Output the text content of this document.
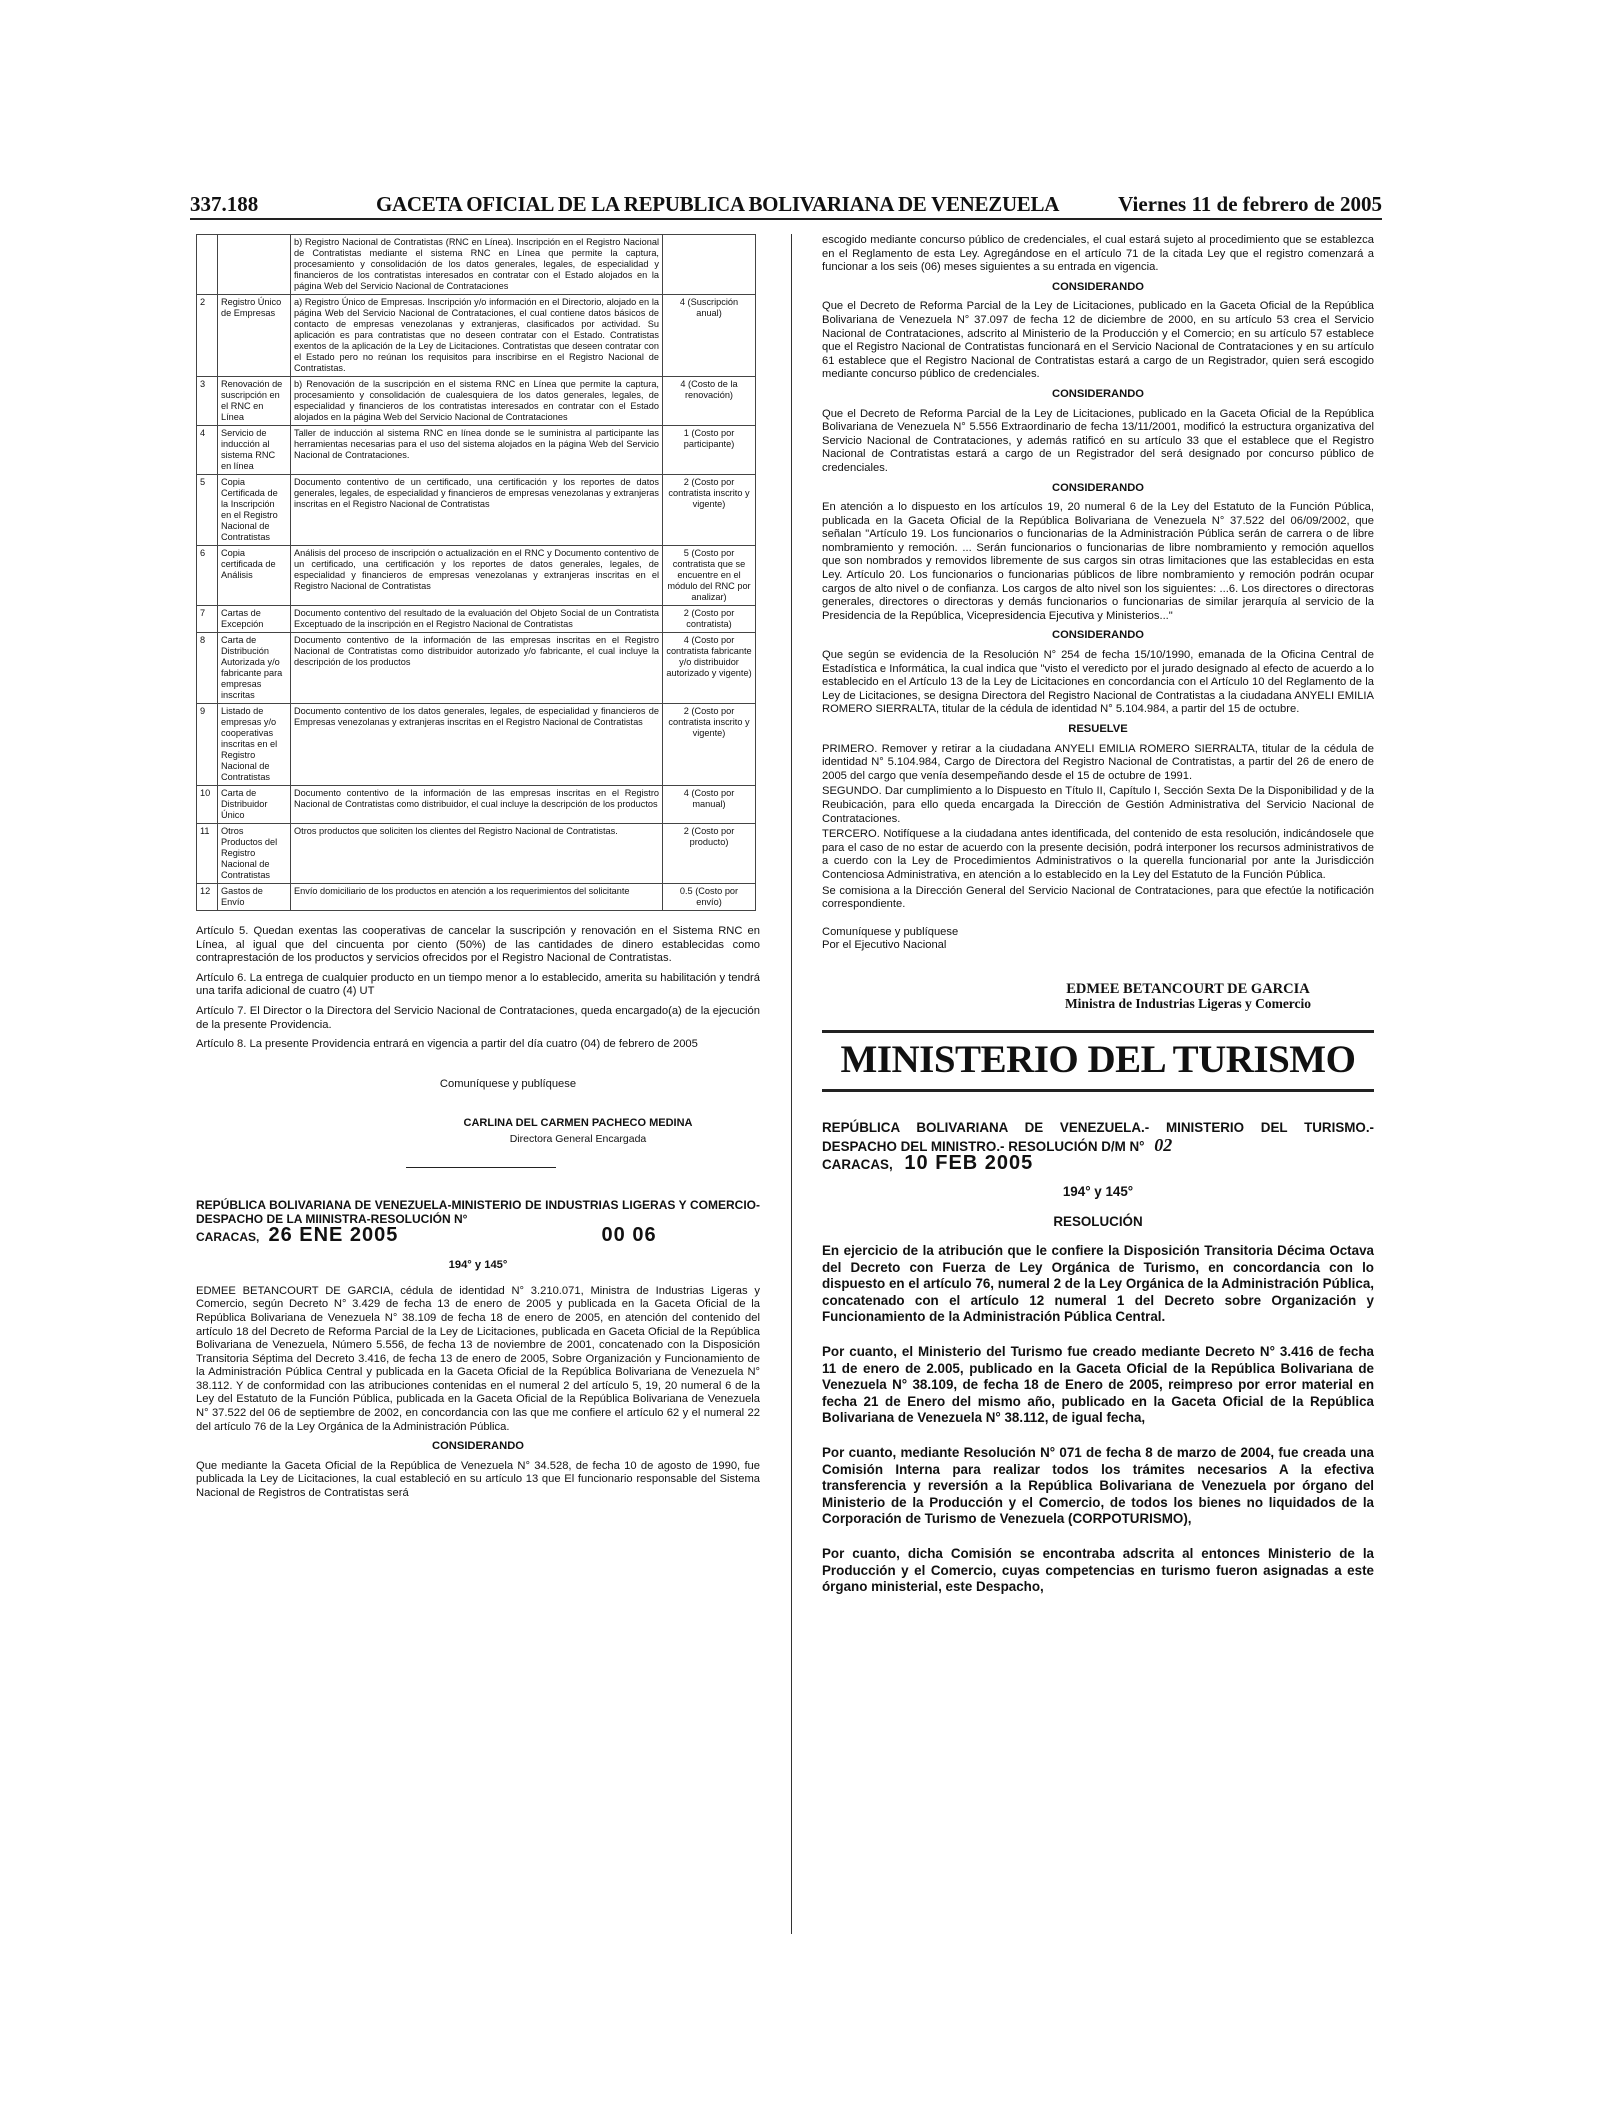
337.188	GACETA OFICIAL DE LA REPUBLICA BOLIVARIANA DE VENEZUELA	Viernes 11 de febrero de 2005
		b) Registro Nacional de Contratistas (RNC en Línea). Inscripción en el Registro Nacional de Contratistas mediante el sistema RNC en Línea que permite la captura, procesamiento y consolidación de los datos generales, legales, de especialidad y financieros de los contratistas interesados en contratar con el Estado alojados en la página Web del Servicio Nacional de Contrataciones	
2	Registro Único de Empresas	a) Registro Único de Empresas. Inscripción y/o información en el Directorio, alojado en la página Web del Servicio Nacional de Contrataciones, el cual contiene datos básicos de contacto de empresas venezolanas y extranjeras, clasificados por actividad. Su aplicación es para contratistas que no deseen contratar con el Estado. Contratistas exentos de la aplicación de la Ley de Licitaciones. Contratistas que deseen contratar con el Estado pero no reúnan los requisitos para inscribirse en el Registro Nacional de Contratistas.	4 (Suscripción anual)
3	Renovación de suscripción en el RNC en Línea	b) Renovación de la suscripción en el sistema RNC en Línea que permite la captura, procesamiento y consolidación de cualesquiera de los datos generales, legales, de especialidad y financieros de los contratistas interesados en contratar con el Estado alojados en la página Web del Servicio Nacional de Contrataciones	4 (Costo de la renovación)
4	Servicio de inducción al sistema RNC en línea	Taller de inducción al sistema RNC en línea donde se le suministra al participante las herramientas necesarias para el uso del sistema alojados en la página Web del Servicio Nacional de Contrataciones.	1 (Costo por participante)
5	Copia Certificada de la Inscripción en el Registro Nacional de Contratistas	Documento contentivo de un certificado, una certificación y los reportes de datos generales, legales, de especialidad y financieros de empresas venezolanas y extranjeras inscritas en el Registro Nacional de Contratistas	2 (Costo por contratista inscrito y vigente)
6	Copia certificada de Análisis	Análisis del proceso de inscripción o actualización en el RNC y Documento contentivo de un certificado, una certificación y los reportes de datos generales, legales, de especialidad y financieros de empresas venezolanas y extranjeras inscritas en el Registro Nacional de Contratistas	5 (Costo por contratista que se encuentre en el módulo del RNC por analizar)
7	Cartas de Excepción	Documento contentivo del resultado de la evaluación del Objeto Social de un Contratista Exceptuado de la inscripción en el Registro Nacional de Contratistas	2 (Costo por contratista)
8	Carta de Distribución Autorizada y/o fabricante para empresas inscritas	Documento contentivo de la información de las empresas inscritas en el Registro Nacional de Contratistas como distribuidor autorizado y/o fabricante, el cual incluye la descripción de los productos	4 (Costo por contratista fabricante y/o distribuidor autorizado y vigente)
9	Listado de empresas y/o cooperativas inscritas en el Registro Nacional de Contratistas	Documento contentivo de los datos generales, legales, de especialidad y financieros de Empresas venezolanas y extranjeras inscritas en el Registro Nacional de Contratistas	2 (Costo por contratista inscrito y vigente)
10	Carta de Distribuidor Único	Documento contentivo de la información de las empresas inscritas en el Registro Nacional de Contratistas como distribuidor, el cual incluye la descripción de los productos	4 (Costo por manual)
11	Otros Productos del Registro Nacional de Contratistas	Otros productos que soliciten los clientes del Registro Nacional de Contratistas.	2 (Costo por producto)
12	Gastos de Envío	Envío domiciliario de los productos en atención a los requerimientos del solicitante	0.5 (Costo por envío)

Artículo 5. Quedan exentas las cooperativas de cancelar la suscripción y renovación en el Sistema RNC en Línea, al igual que del cincuenta por ciento (50%) de las cantidades de dinero establecidas como contraprestación de los productos y servicios ofrecidos por el Registro Nacional de Contratistas.

Artículo 6. La entrega de cualquier producto en un tiempo menor a lo establecido, amerita su habilitación y tendrá una tarifa adicional de cuatro (4) UT

Artículo 7. El Director o la Directora del Servicio Nacional de Contrataciones, queda encargado(a) de la ejecución de la presente Providencia.

Artículo 8. La presente Providencia entrará en vigencia a partir del día cuatro (04) de febrero de 2005

Comuníquese y publíquese

CARLINA DEL CARMEN PACHECO MEDINA

Directora General Encargada

REPÚBLICA BOLIVARIANA DE VENEZUELA-MINISTERIO DE INDUSTRIAS LIGERAS Y COMERCIO-DESPACHO DE LA MIINISTRA-RESOLUCIÓN N°

CARACAS, 26 ENE 2005	00 06

194° y 145°

EDMEE BETANCOURT DE GARCIA, cédula de identidad N° 3.210.071, Ministra de Industrias Ligeras y Comercio, según Decreto N° 3.429 de fecha 13 de enero de 2005 y publicada en la Gaceta Oficial de la República Bolivariana de Venezuela N° 38.109 de fecha 18 de enero de 2005, en atención del contenido del artículo 18 del Decreto de Reforma Parcial de la Ley de Licitaciones, publicada en Gaceta Oficial de la República Bolivariana de Venezuela, Número 5.556, de fecha 13 de noviembre de 2001, concatenado con la Disposición Transitoria Séptima del Decreto 3.416, de fecha 13 de enero de 2005, Sobre Organización y Funcionamiento de la Administración Pública Central y publicada en la Gaceta Oficial de la República Bolivariana de Venezuela N° 38.112. Y de conformidad con las atribuciones contenidas en el numeral 2 del artículo 5, 19, 20 numeral 6 de la Ley del Estatuto de la Función Pública, publicada en la Gaceta Oficial de la República Bolivariana de Venezuela N° 37.522 del 06 de septiembre de 2002, en concordancia con las que me confiere el artículo 62 y el numeral 22 del artículo 76 de la Ley Orgánica de la Administración Pública.

CONSIDERANDO

Que mediante la Gaceta Oficial de la República de Venezuela N° 34.528, de fecha 10 de agosto de 1990, fue publicada la Ley de Licitaciones, la cual estableció en su artículo 13 que El funcionario responsable del Sistema Nacional de Registros de Contratistas será

escogido mediante concurso público de credenciales, el cual estará sujeto al procedimiento que se establezca en el Reglamento de esta Ley. Agregándose en el artículo 71 de la citada Ley que el registro comenzará a funcionar a los seis (06) meses siguientes a su entrada en vigencia.

CONSIDERANDO

Que el Decreto de Reforma Parcial de la Ley de Licitaciones, publicado en la Gaceta Oficial de la República Bolivariana de Venezuela N° 37.097 de fecha 12 de diciembre de 2000, en su artículo 53 crea el Servicio Nacional de Contrataciones, adscrito al Ministerio de la Producción y el Comercio; en su artículo 57 establece que el Registro Nacional de Contratistas funcionará en el Servicio Nacional de Contrataciones y en su artículo 61 establece que el Registro Nacional de Contratistas estará a cargo de un Registrador, quien será escogido mediante concurso público de credenciales.

CONSIDERANDO

Que el Decreto de Reforma Parcial de la Ley de Licitaciones, publicado en la Gaceta Oficial de la República Bolivariana de Venezuela N° 5.556 Extraordinario de fecha 13/11/2001, modificó la estructura organizativa del Servicio Nacional de Contrataciones, y además ratificó en su artículo 33 que el establece que el Registro Nacional de Contratistas estará a cargo de un Registrador del será designado por concurso público de credenciales.

CONSIDERANDO

En atención a lo dispuesto en los artículos 19, 20 numeral 6 de la Ley del Estatuto de la Función Pública, publicada en la Gaceta Oficial de la República Bolivariana de Venezuela N° 37.522 del 06/09/2002, que señalan "Artículo 19. Los funcionarios o funcionarias de la Administración Pública serán de carrera o de libre nombramiento y remoción. ... Serán funcionarios o funcionarias de libre nombramiento y remoción aquellos que son nombrados y removidos libremente de sus cargos sin otras limitaciones que las establecidas en esta Ley. Artículo 20. Los funcionarios o funcionarias públicos de libre nombramiento y remoción podrán ocupar cargos de alto nivel o de confianza. Los cargos de alto nivel son los siguientes: ...6. Los directores o directoras generales, directores o directoras y demás funcionarios o funcionarias de similar jerarquía al servicio de la Presidencia de la República, Vicepresidencia Ejecutiva y Ministerios..."

CONSIDERANDO

Que según se evidencia de la Resolución N° 254 de fecha 15/10/1990, emanada de la Oficina Central de Estadística e Informática, la cual indica que "visto el veredicto por el jurado designado al efecto de acuerdo a lo establecido en el Artículo 13 de la Ley de Licitaciones en concordancia con el Artículo 10 del Reglamento de la Ley de Licitaciones, se designa Directora del Registro Nacional de Contratistas a la ciudadana ANYELI EMILIA ROMERO SIERRALTA, titular de la cédula de identidad N° 5.104.984, a partir del 15 de octubre.

RESUELVE

PRIMERO. Remover y retirar a la ciudadana ANYELI EMILIA ROMERO SIERRALTA, titular de la cédula de identidad N° 5.104.984, Cargo de Directora del Registro Nacional de Contratistas, a partir del 26 de enero de 2005 del cargo que venía desempeñando desde el 15 de octubre de 1991.

SEGUNDO. Dar cumplimiento a lo Dispuesto en Título II, Capítulo I, Sección Sexta De la Disponibilidad y de la Reubicación, para ello queda encargada la Dirección de Gestión Administrativa del Servicio Nacional de Contrataciones.

TERCERO. Notifíquese a la ciudadana antes identificada, del contenido de esta resolución, indicándosele que para el caso de no estar de acuerdo con la presente decisión, podrá interponer los recursos administrativos de a cuerdo con la Ley de Procedimientos Administrativos o la querella funcionarial por ante la Jurisdicción Contenciosa Administrativa, en atención a lo establecido en la Ley del Estatuto de la Función Pública.

Se comisiona a la Dirección General del Servicio Nacional de Contrataciones, para que efectúe la notificación correspondiente.

Comuníquese y publíquese

Por el Ejecutivo Nacional

EDMEE BETANCOURT DE GARCIA

Ministra de Industrias Ligeras y Comercio

MINISTERIO DEL TURISMO

REPÚBLICA BOLIVARIANA DE VENEZUELA.- MINISTERIO DEL TURISMO.- DESPACHO DEL MINISTRO.- RESOLUCIÓN D/M N° 02

CARACAS, 10 FEB 2005

194° y 145°

RESOLUCIÓN

En ejercicio de la atribución que le confiere la Disposición Transitoria Décima Octava del Decreto con Fuerza de Ley Orgánica de Turismo, en concordancia con lo dispuesto en el artículo 76, numeral 2 de la Ley Orgánica de la Administración Pública, concatenado con el artículo 12 numeral 1 del Decreto sobre Organización y Funcionamiento de la Administración Pública Central.

Por cuanto, el Ministerio del Turismo fue creado mediante Decreto N° 3.416 de fecha 11 de enero de 2.005, publicado en la Gaceta Oficial de la República Bolivariana de Venezuela N° 38.109, de fecha 18 de Enero de 2005, reimpreso por error material en fecha 21 de Enero del mismo año, publicado en la Gaceta Oficial de la República Bolivariana de Venezuela N° 38.112, de igual fecha,

Por cuanto, mediante Resolución N° 071 de fecha 8 de marzo de 2004, fue creada una Comisión Interna para realizar todos los trámites necesarios A la efectiva transferencia y reversión a la República Bolivariana de Venezuela por órgano del Ministerio de la Producción y el Comercio, de todos los bienes no liquidados de la Corporación de Turismo de Venezuela (CORPOTURISMO),

Por cuanto, dicha Comisión se encontraba adscrita al entonces Ministerio de la Producción y el Comercio, cuyas competencias en turismo fueron asignadas a este órgano ministerial, este Despacho,
